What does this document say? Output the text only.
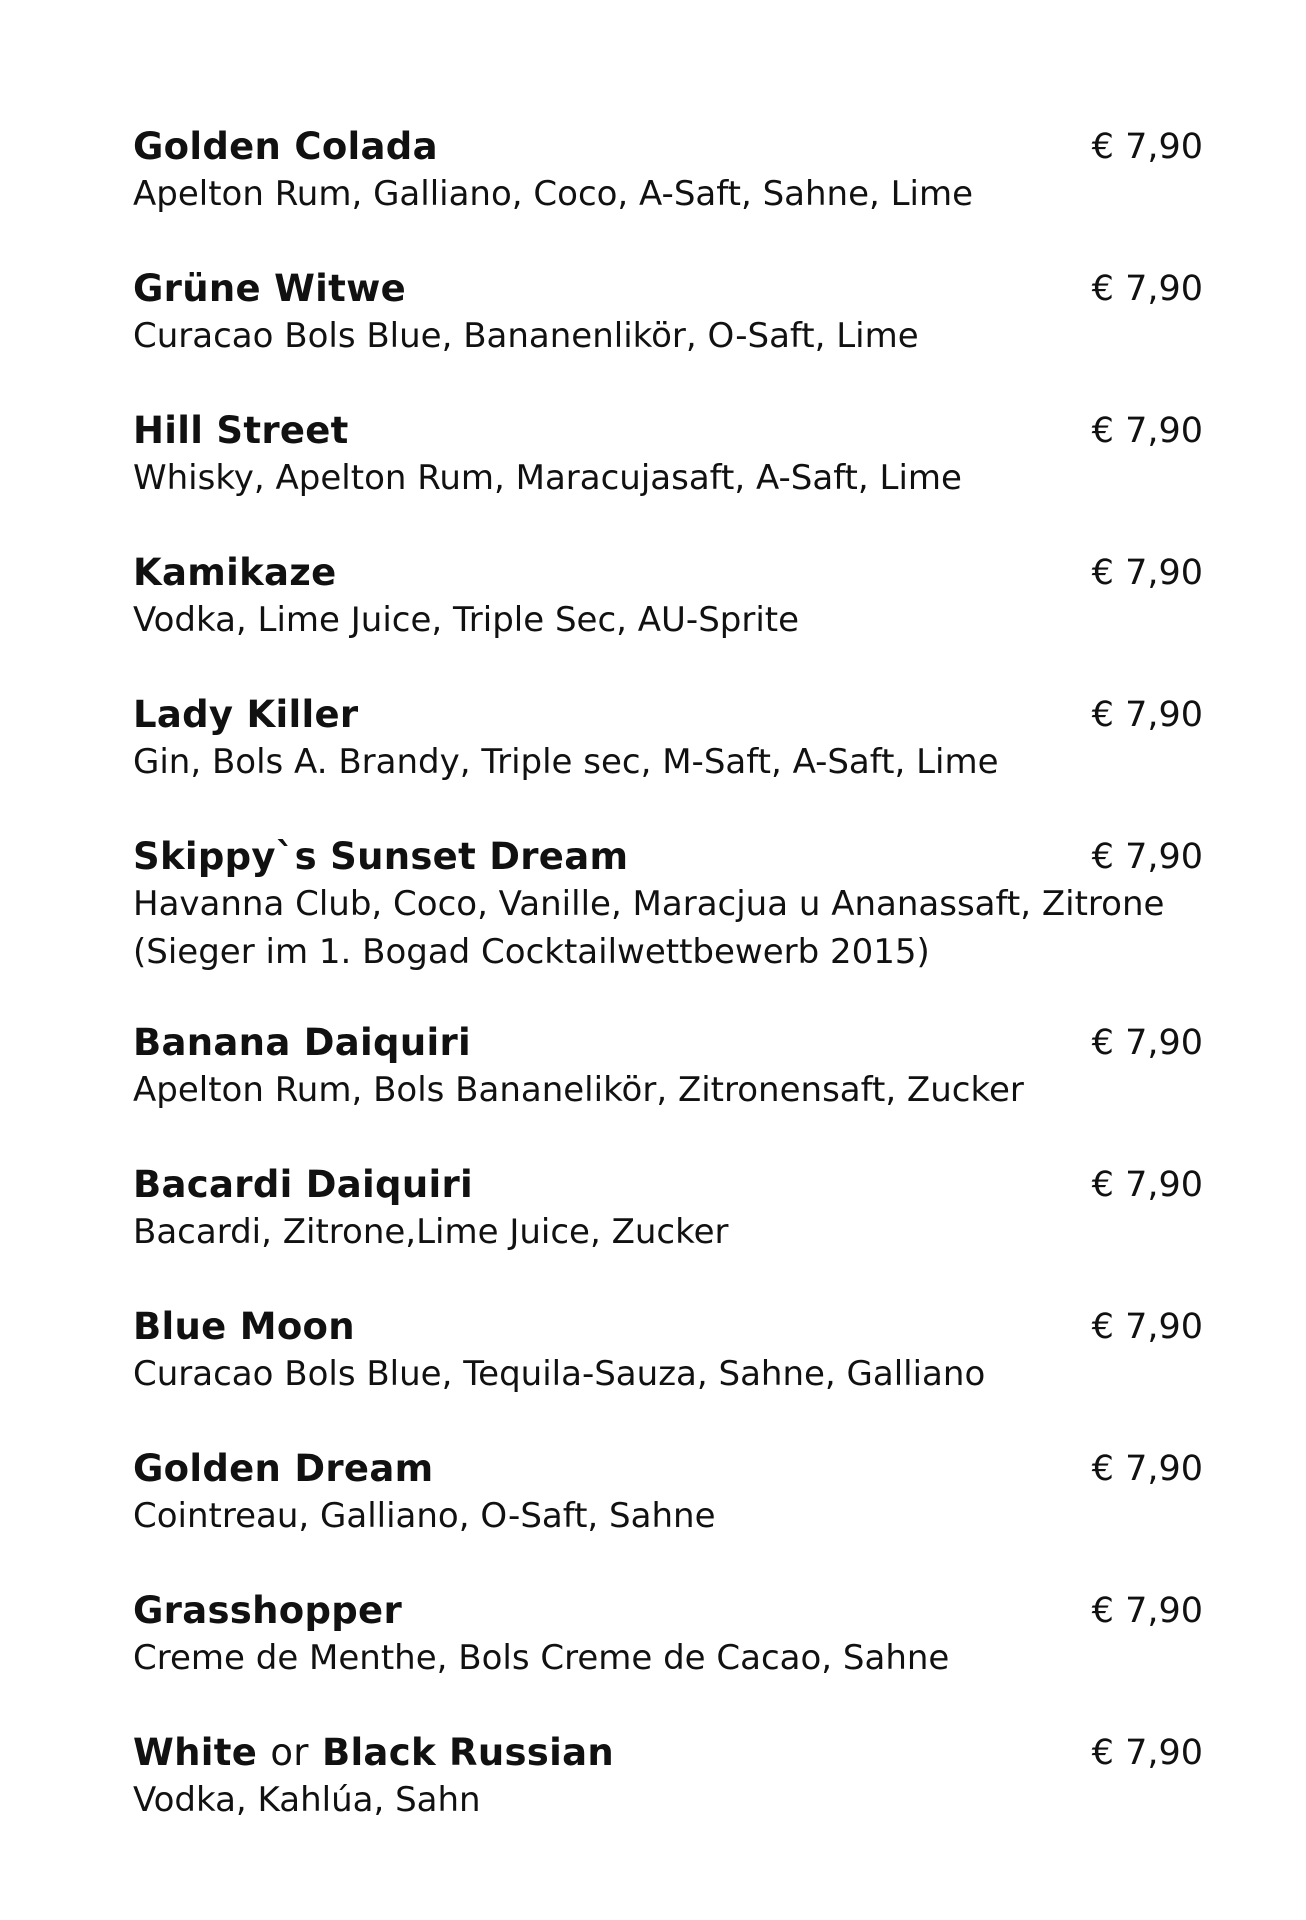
Golden Colada	€ 7,90
Apelton Rum, Galliano, Coco, A-Saft, Sahne, Lime
Grüne Witwe	€ 7,90
Curacao Bols Blue, Bananenlikör, O-Saft, Lime
Hill Street	€ 7,90
Whisky, Apelton Rum, Maracujasaft, A-Saft, Lime
Kamikaze	€ 7,90
Vodka, Lime Juice, Triple Sec, AU-Sprite
Lady Killer	€ 7,90
Gin, Bols A. Brandy, Triple sec, M-Saft, A-Saft, Lime
Skippy`s Sunset Dream	€ 7,90
Havanna Club, Coco, Vanille, Maracjua u Ananassaft, Zitrone
(Sieger im 1. Bogad Cocktailwettbewerb 2015)
Banana Daiquiri	€ 7,90
Apelton Rum, Bols Bananelikör, Zitronensaft, Zucker
Bacardi Daiquiri	€ 7,90
Bacardi, Zitrone,Lime Juice, Zucker
Blue Moon	€ 7,90
Curacao Bols Blue, Tequila-Sauza, Sahne, Galliano
Golden Dream	€ 7,90
Cointreau, Galliano, O-Saft, Sahne
Grasshopper	€ 7,90
Creme de Menthe, Bols Creme de Cacao, Sahne
White or Black Russian	€ 7,90
Vodka, Kahlúa, Sahn
